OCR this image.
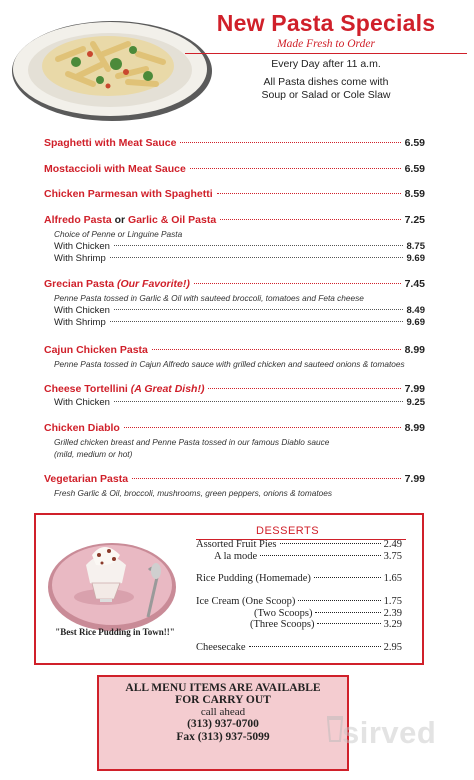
New Pasta Specials
Made Fresh to Order
Every Day after 11 a.m.
All Pasta dishes come with
Soup or Salad or Cole Slaw
Spaghetti with Meat Sauce	6.59
Mostaccioli with Meat Sauce	6.59
Chicken Parmesan with Spaghetti	8.59
Alfredo Pasta
or
Garlic & Oil Pasta	7.25
Choice of Penne or Linguine Pasta
With Chicken	8.75
With Shrimp	9.69
Grecian Pasta
(Our Favorite!)	7.45
Penne Pasta tossed in Garlic & Oil with sauteed broccoli, tomatoes and Feta cheese
With Chicken	8.49
With Shrimp	9.69
Cajun Chicken Pasta	8.99
Penne Pasta tossed in Cajun Alfredo sauce with grilled chicken and sauteed onions & tomatoes
Cheese Tortellini
(A Great Dish!)	7.99
With Chicken	9.25
Chicken Diablo	8.99
Grilled chicken breast and Penne Pasta tossed in our famous Diablo sauce
(mild, medium or hot)
Vegetarian Pasta	7.99
Fresh Garlic & Oil, broccoli, mushrooms, green peppers, onions & tomatoes
"Best Rice Pudding in Town!!"
DESSERTS
Assorted Fruit Pies	2.49
A la mode	3.75
Rice Pudding (Homemade)	1.65
Ice Cream (One Scoop)	1.75
(Two Scoops)	2.39
(Three Scoops)	3.29
Cheesecake	2.95
ALL MENU ITEMS ARE AVAILABLE
FOR CARRY OUT
call ahead
(313) 937-0700
Fax (313) 937-5099	sirved
